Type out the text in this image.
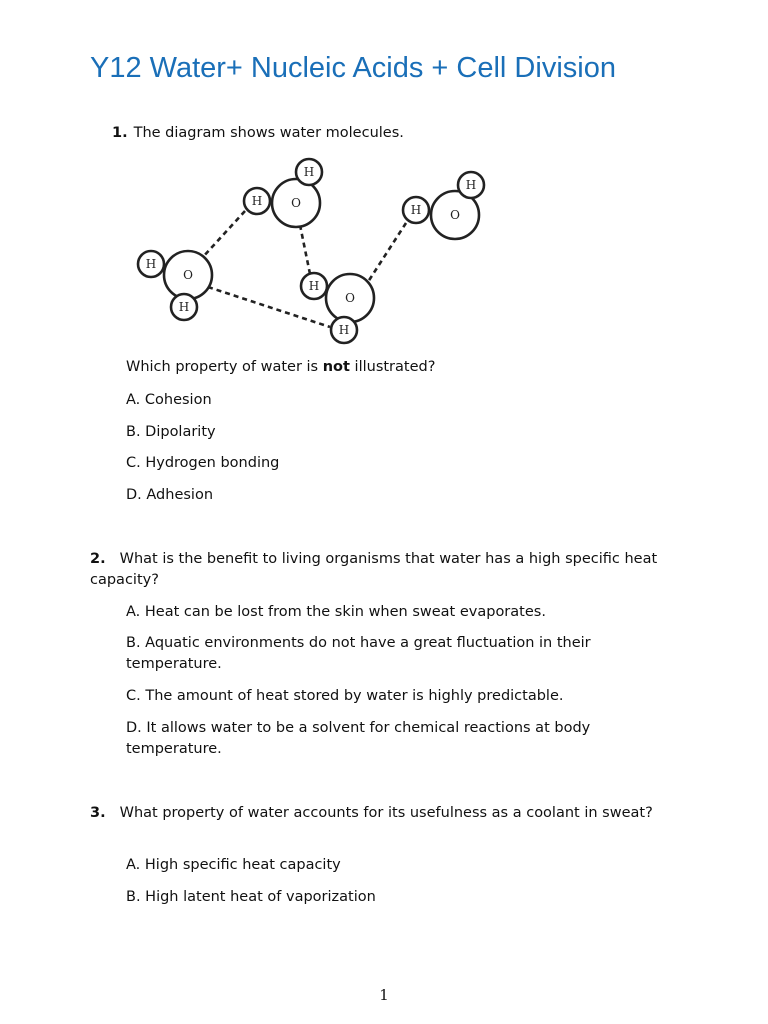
Y12 Water+ Nucleic Acids + Cell Division
1. The diagram shows water molecules.
O
H
H
O
H
H
O
H
H
O
H
H
Which property of water is not illustrated?
A. Cohesion
B. Dipolarity
C. Hydrogen bonding
D. Adhesion
2. What is the benefit to living organisms that water has a high specific heat capacity?
A. Heat can be lost from the skin when sweat evaporates.
B. Aquatic environments do not have a great fluctuation in their temperature.
C. The amount of heat stored by water is highly predictable.
D. It allows water to be a solvent for chemical reactions at body temperature.
3. What property of water accounts for its usefulness as a coolant in sweat?
A. High specific heat capacity
B. High latent heat of vaporization
1
